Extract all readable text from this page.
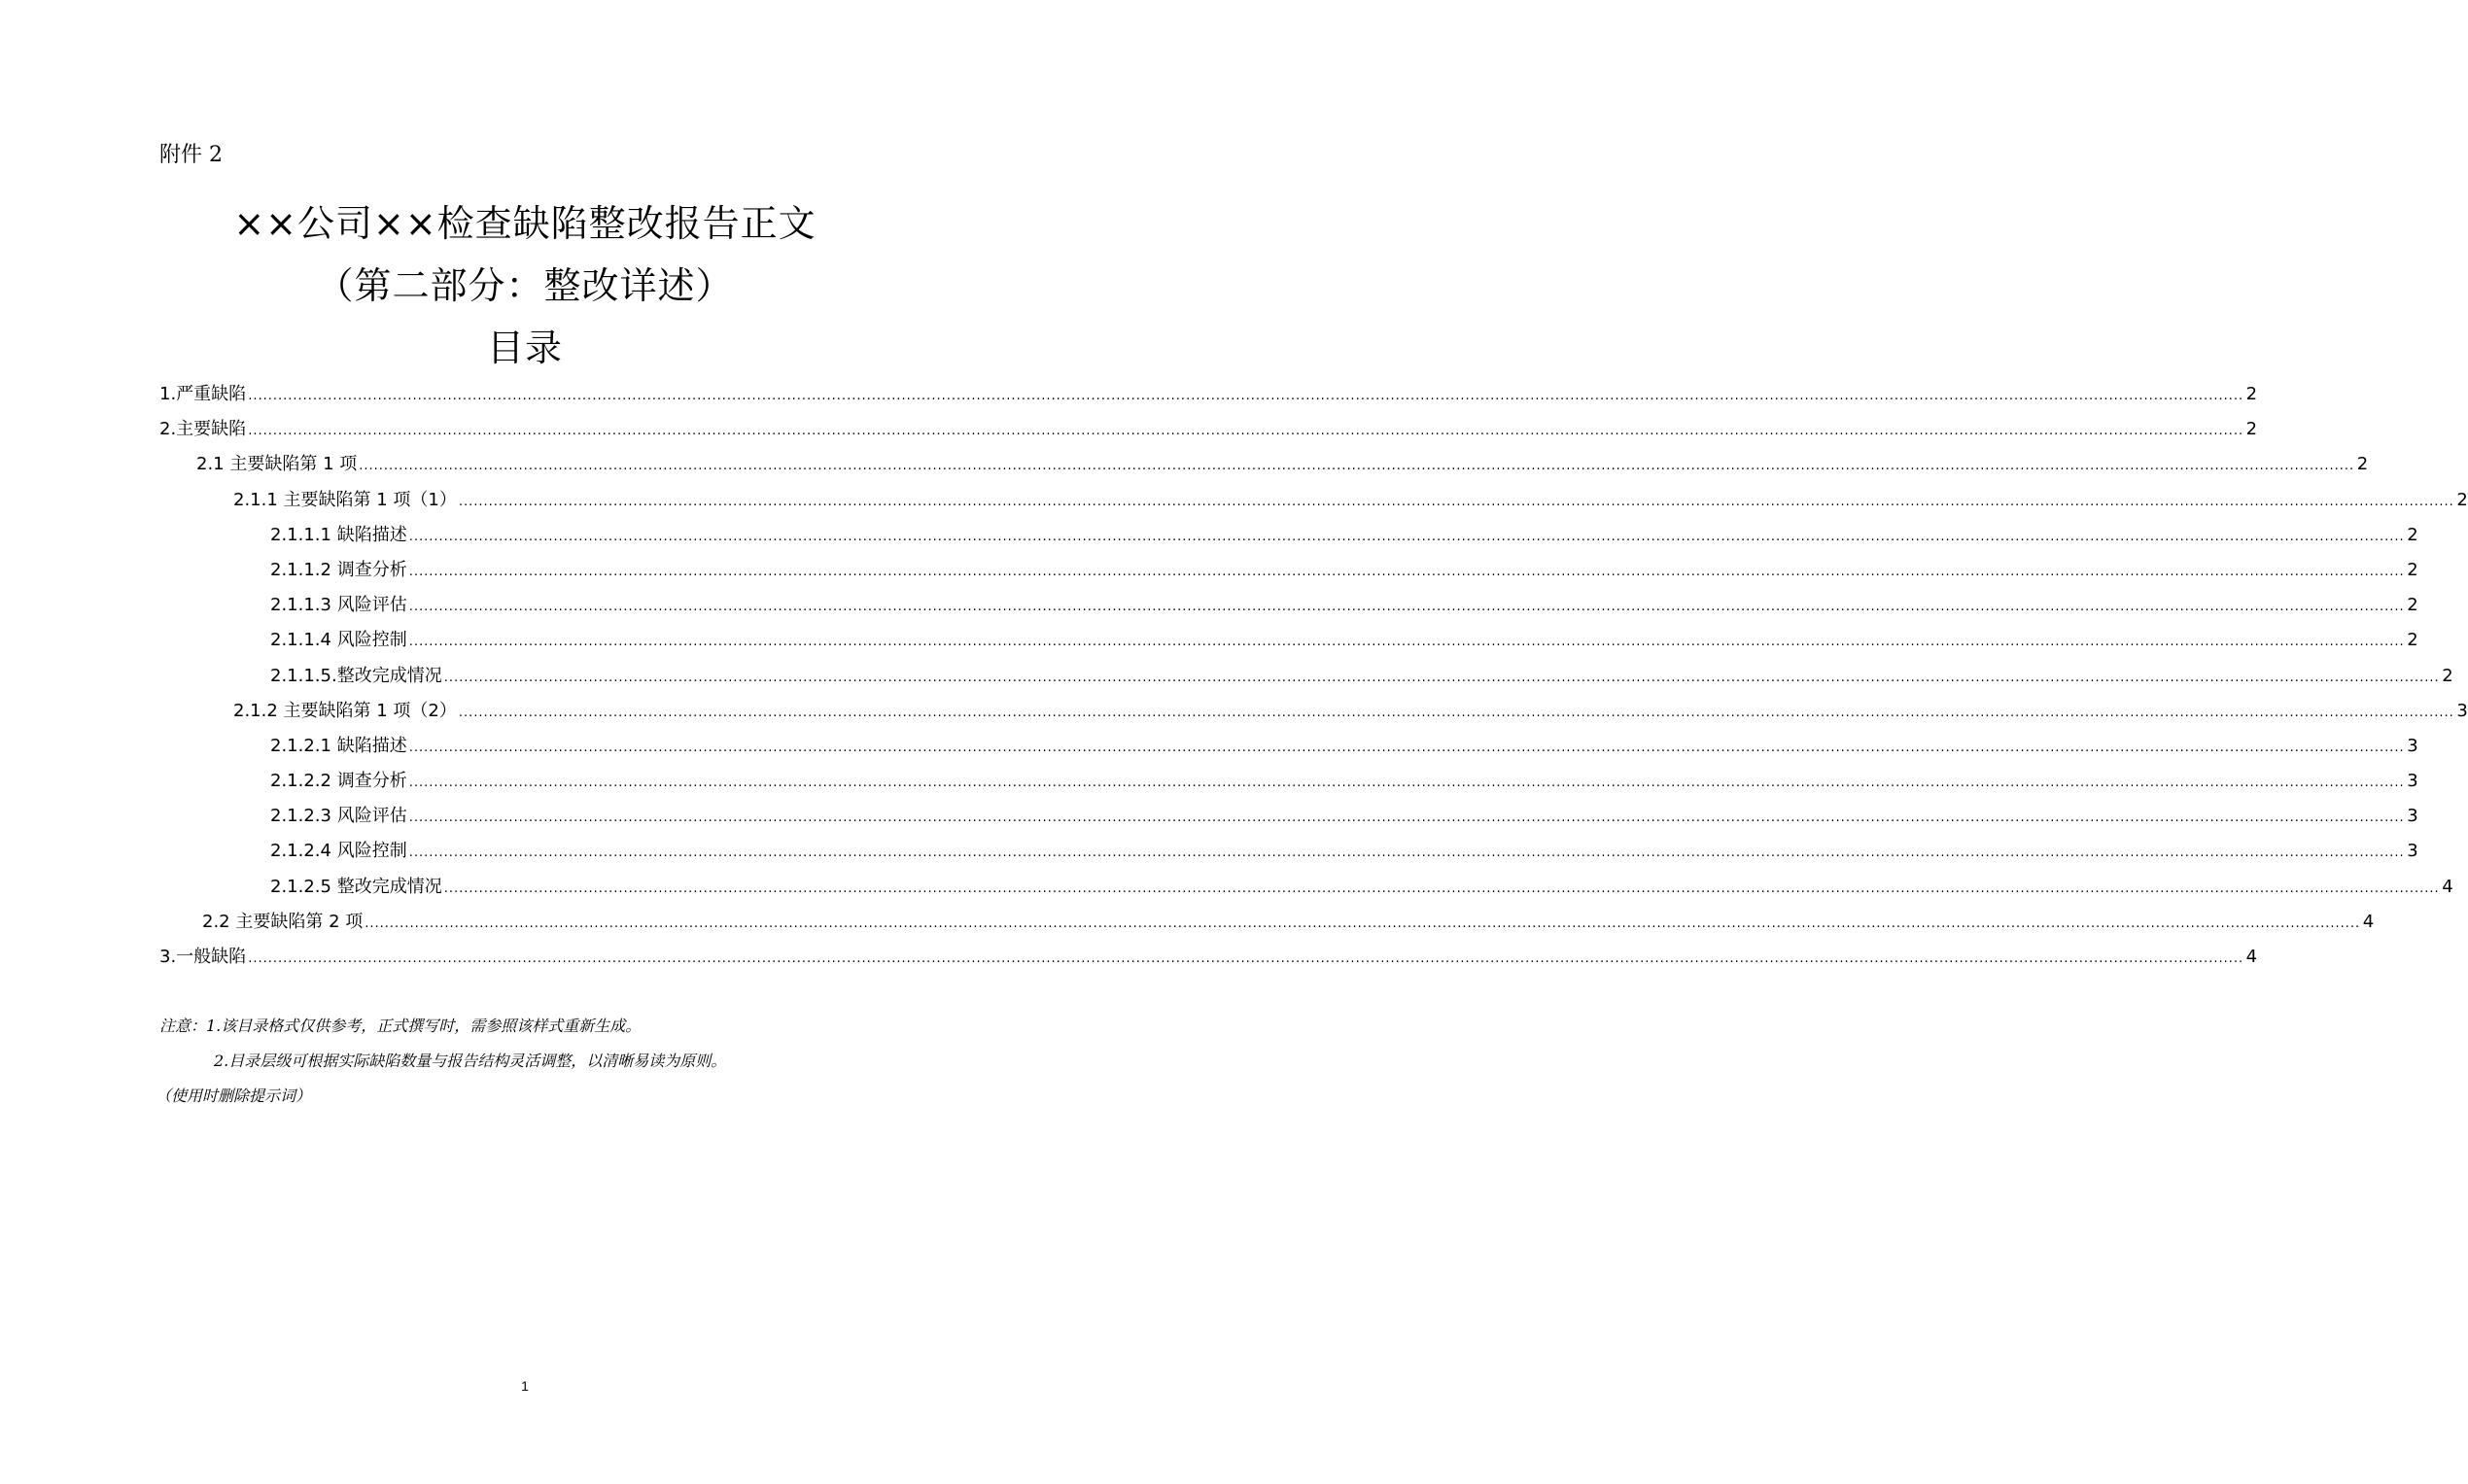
附件 2
××公司××检查缺陷整改报告正文
（第二部分：整改详述）
目录
1.严重缺陷 ................................................................................................................................................................................................................................................................................................................................................................................................................ 2
2.主要缺陷 ................................................................................................................................................................................................................................................................................................................................................................................................................ 2
2.1 主要缺陷第 1 项 ................................................................................................................................................................................................................................................................................................................................................................................................................ 2
2.1.1 主要缺陷第 1 项（1） ................................................................................................................................................................................................................................................................................................................................................................................................................ 2
2.1.1.1 缺陷描述 ................................................................................................................................................................................................................................................................................................................................................................................................................ 2
2.1.1.2 调查分析 ................................................................................................................................................................................................................................................................................................................................................................................................................ 2
2.1.1.3 风险评估 ................................................................................................................................................................................................................................................................................................................................................................................................................ 2
2.1.1.4 风险控制 ................................................................................................................................................................................................................................................................................................................................................................................................................ 2
2.1.1.5.整改完成情况 ................................................................................................................................................................................................................................................................................................................................................................................................................ 2
2.1.2 主要缺陷第 1 项（2） ................................................................................................................................................................................................................................................................................................................................................................................................................ 3
2.1.2.1 缺陷描述 ................................................................................................................................................................................................................................................................................................................................................................................................................ 3
2.1.2.2 调查分析 ................................................................................................................................................................................................................................................................................................................................................................................................................ 3
2.1.2.3 风险评估 ................................................................................................................................................................................................................................................................................................................................................................................................................ 3
2.1.2.4 风险控制 ................................................................................................................................................................................................................................................................................................................................................................................................................ 3
2.1.2.5 整改完成情况 ................................................................................................................................................................................................................................................................................................................................................................................................................ 4
2.2 主要缺陷第 2 项 ................................................................................................................................................................................................................................................................................................................................................................................................................ 4
3.一般缺陷 ................................................................................................................................................................................................................................................................................................................................................................................................................ 4
注意：1.该目录格式仅供参考，正式撰写时，需参照该样式重新生成。
2.目录层级可根据实际缺陷数量与报告结构灵活调整，以清晰易读为原则。
（使用时删除提示词）
1
